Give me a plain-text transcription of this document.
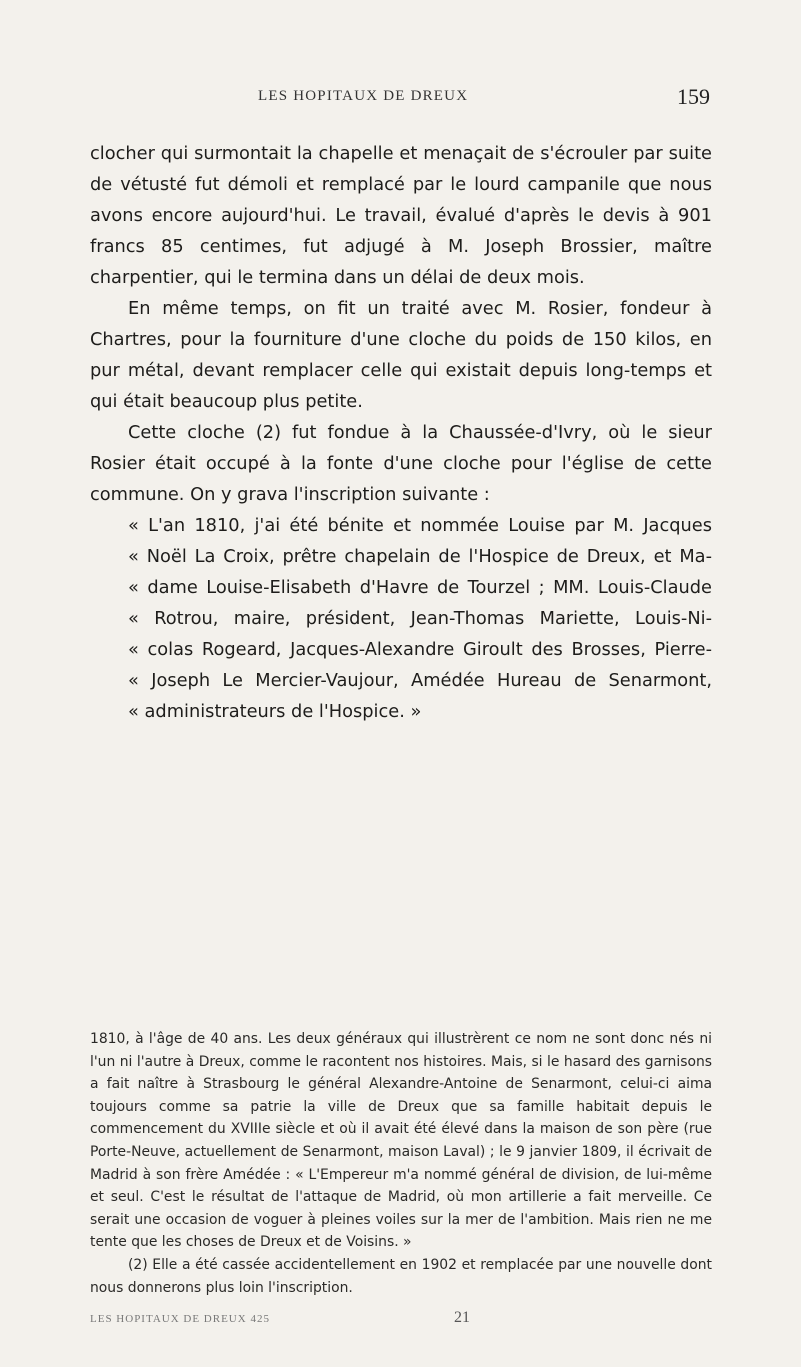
LES HOPITAUX DE DREUX	159

clocher qui surmontait la chapelle et menaçait de s'écrouler par suite de vétusté fut démoli et remplacé par le lourd campanile que nous avons encore aujourd'hui. Le travail, évalué d'après le devis à 901 francs 85 centimes, fut adjugé à M. Joseph Brossier, maître charpentier, qui le termina dans un délai de deux mois.

En même temps, on fit un traité avec M. Rosier, fondeur à Chartres, pour la fourniture d'une cloche du poids de 150 kilos, en pur métal, devant remplacer celle qui existait depuis long-temps et qui était beaucoup plus petite.

Cette cloche (2) fut fondue à la Chaussée-d'Ivry, où le sieur Rosier était occupé à la fonte d'une cloche pour l'église de cette commune. On y grava l'inscription suivante :

« L'an 1810, j'ai été bénite et nommée Louise par M. Jacques
« Noël La Croix, prêtre chapelain de l'Hospice de Dreux, et Ma-
« dame Louise-Elisabeth d'Havre de Tourzel ; MM. Louis-Claude
« Rotrou, maire, président, Jean-Thomas Mariette, Louis-Ni-
« colas Rogeard, Jacques-Alexandre Giroult des Brosses, Pierre-
« Joseph Le Mercier-Vaujour, Amédée Hureau de Senarmont,
« administrateurs de l'Hospice. »

1810, à l'âge de 40 ans. Les deux généraux qui illustrèrent ce nom ne sont donc nés ni l'un ni l'autre à Dreux, comme le racontent nos histoires. Mais, si le hasard des garnisons a fait naître à Strasbourg le général Alexandre-Antoine de Senarmont, celui-ci aima toujours comme sa patrie la ville de Dreux que sa famille habitait depuis le commencement du XVIIIe siècle et où il avait été élevé dans la maison de son père (rue Porte-Neuve, actuellement de Senarmont, maison Laval) ; le 9 janvier 1809, il écrivait de Madrid à son frère Amédée : « L'Empereur m'a nommé général de division, de lui-même et seul. C'est le résultat de l'attaque de Madrid, où mon artillerie a fait merveille. Ce serait une occasion de voguer à pleines voiles sur la mer de l'ambition. Mais rien ne me tente que les choses de Dreux et de Voisins. »

(2) Elle a été cassée accidentellement en 1902 et remplacée par une nouvelle dont nous donnerons plus loin l'inscription.

LES HOPITAUX DE DREUX 425	21
